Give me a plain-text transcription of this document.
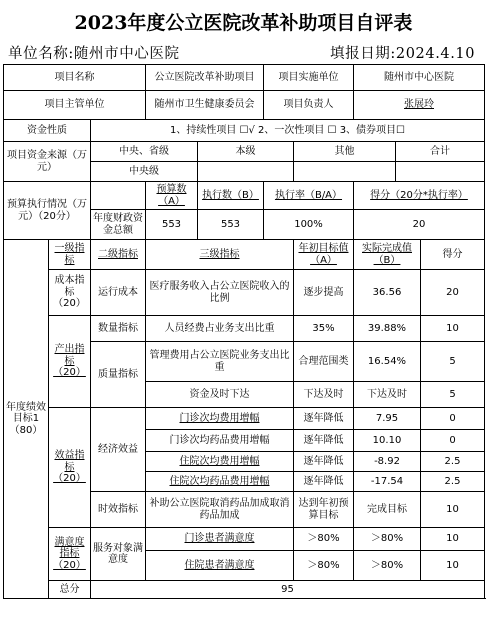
2023年度公立医院改革补助项目自评表
单位名称:随州市中心医院	填报日期:2024.4.10
项目名称			公立医院改革补助项目		项目实施单位		随州市中心医院		
项目主管单位			随州市卫生健康委员会		项目负责人		张展玲		
资金性质		1、持续性项目 ☐√ 2、一次性项目 ☐ 3、债券项目☐							
项目资金来源（万元）		中央、省级		本级		其他		合计	
		中央级							
预算执行情况（万元）（20分）			预算数（A）	执行数（B）	执行率（B/A）		得分（20分*执行率）		
		年度财政资金总额	553	553	100%		20		
年度绩效目标1（80）	一级指标	二级指标	三级指标			年初目标值（A）	实际完成值（B）		得分
	成本指标（20）	运行成本	医疗服务收入占公立医院收入的比例			逐步提高	36.56		20
	产出指标（20）	数量指标	人员经费占业务支出比重			35%	39.88%		10
		质量指标	管理费用占公立医院业务支出比重			合理范围类	16.54%		5
			资金及时下达			下达及时	下达及时		5
	效益指标（20）	经济效益	门诊次均费用增幅			逐年降低	7.95		0
			门诊次均药品费用增幅			逐年降低	10.10		0
			住院次均费用增幅			逐年降低	-8.92		2.5
			住院次均药品费用增幅			逐年降低	-17.54		2.5
		时效指标	补助公立医院取消药品加成取消药品加成			达到年初预算目标	完成目标		10
	满意度指标（20）	服务对象满意度	门诊患者满意度			＞80%	＞80%		10
			住院患者满意度			＞80%	＞80%		10
	总分	95							
